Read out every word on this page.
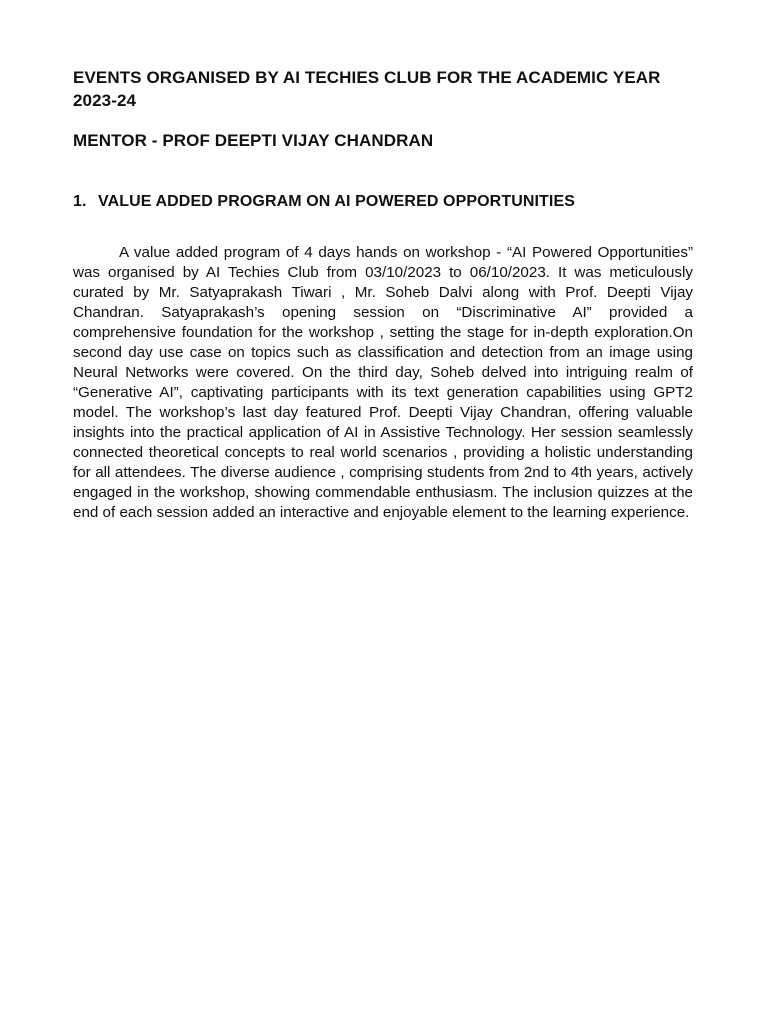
EVENTS ORGANISED BY AI TECHIES CLUB FOR THE ACADEMIC YEAR 2023-24
MENTOR - PROF DEEPTI VIJAY CHANDRAN
1. VALUE ADDED PROGRAM ON AI POWERED OPPORTUNITIES

A value added program of 4 days hands on workshop - “AI Powered Opportunities” was organised by AI Techies Club from 03/10/2023 to 06/10/2023. It was meticulously curated by Mr. Satyaprakash Tiwari , Mr. Soheb Dalvi along with Prof. Deepti Vijay Chandran. Satyaprakash’s opening session on “Discriminative AI” provided a comprehensive foundation for the workshop , setting the stage for in-depth exploration.On second day use case on topics such as classification and detection from an image using Neural Networks were covered. On the third day, Soheb delved into intriguing realm of “Generative AI”, captivating participants with its text generation capabilities using GPT2 model. The workshop’s last day featured Prof. Deepti Vijay Chandran, offering valuable insights into the practical application of AI in Assistive Technology. Her session seamlessly connected theoretical concepts to real world scenarios , providing a holistic understanding for all attendees. The diverse audience , comprising students from 2nd to 4th years, actively engaged in the workshop, showing commendable enthusiasm. The inclusion quizzes at the end of each session added an interactive and enjoyable element to the learning experience.
